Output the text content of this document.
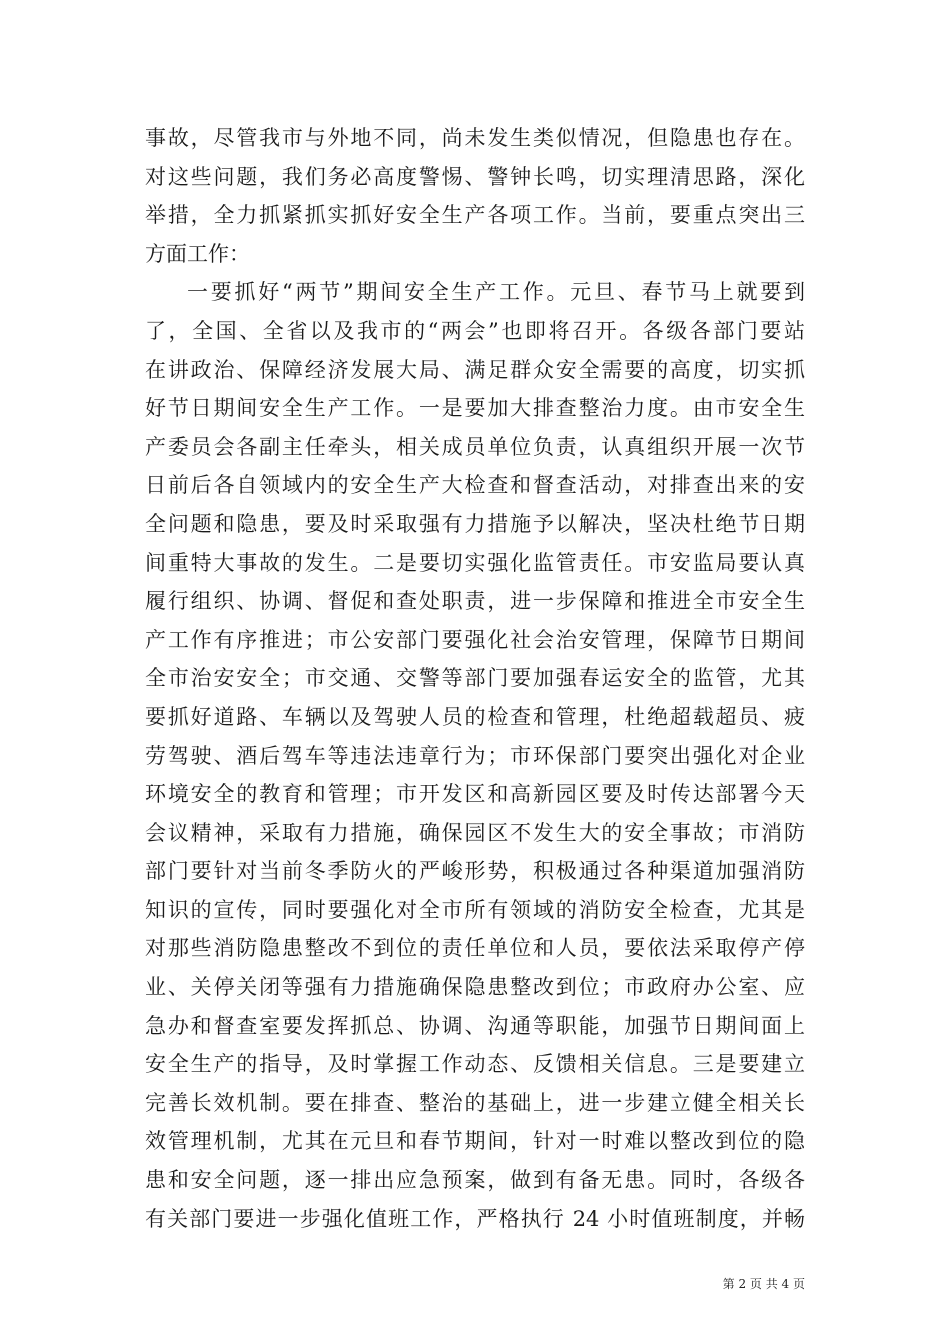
事故，尽管我市与外地不同，尚未发生类似情况，但隐患也存在。
对这些问题，我们务必高度警惕、警钟长鸣，切实理清思路，深化
举措，全力抓紧抓实抓好安全生产各项工作。当前，要重点突出三
方面工作：
一要抓好“两节”期间安全生产工作。元旦、春节马上就要到
了，全国、全省以及我市的“两会”也即将召开。各级各部门要站
在讲政治、保障经济发展大局、满足群众安全需要的高度，切实抓
好节日期间安全生产工作。一是要加大排查整治力度。由市安全生
产委员会各副主任牵头，相关成员单位负责，认真组织开展一次节
日前后各自领域内的安全生产大检查和督查活动，对排查出来的安
全问题和隐患，要及时采取强有力措施予以解决，坚决杜绝节日期
间重特大事故的发生。二是要切实强化监管责任。市安监局要认真
履行组织、协调、督促和查处职责，进一步保障和推进全市安全生
产工作有序推进；市公安部门要强化社会治安管理，保障节日期间
全市治安安全；市交通、交警等部门要加强春运安全的监管，尤其
要抓好道路、车辆以及驾驶人员的检查和管理，杜绝超载超员、疲
劳驾驶、酒后驾车等违法违章行为；市环保部门要突出强化对企业
环境安全的教育和管理；市开发区和高新园区要及时传达部署今天
会议精神，采取有力措施，确保园区不发生大的安全事故；市消防
部门要针对当前冬季防火的严峻形势，积极通过各种渠道加强消防
知识的宣传，同时要强化对全市所有领域的消防安全检查，尤其是
对那些消防隐患整改不到位的责任单位和人员，要依法采取停产停
业、关停关闭等强有力措施确保隐患整改到位；市政府办公室、应
急办和督查室要发挥抓总、协调、沟通等职能，加强节日期间面上
安全生产的指导，及时掌握工作动态、反馈相关信息。三是要建立
完善长效机制。要在排查、整治的基础上，进一步建立健全相关长
效管理机制，尤其在元旦和春节期间，针对一时难以整改到位的隐
患和安全问题，逐一排出应急预案，做到有备无患。同时，各级各
有关部门要进一步强化值班工作，严格执行 24 小时值班制度，并畅
第 2 页 共 4 页
